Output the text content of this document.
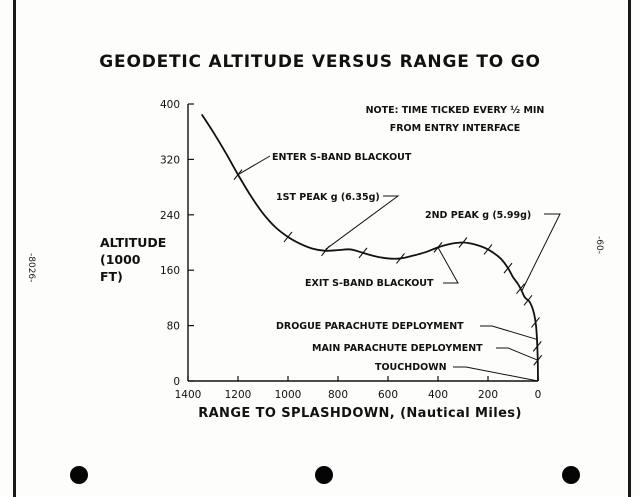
GEODETIC ALTITUDE VERSUS RANGE TO GO
NOTE: TIME TICKED EVERY ½ MIN
FROM ENTRY INTERFACE
ALTITUDE (1000 FT)
RANGE TO SPLASHDOWN, (Nautical Miles)
-8026-
-60-
0
80
160
240
320
400
1400 1200 1000	800	600	400	200	0
ENTER S-BAND BLACKOUT
1ST PEAK g (6.35g)
2ND PEAK g (5.99g)
EXIT S-BAND BLACKOUT
DROGUE PARACHUTE DEPLOYMENT
MAIN PARACHUTE DEPLOYMENT
TOUCHDOWN
